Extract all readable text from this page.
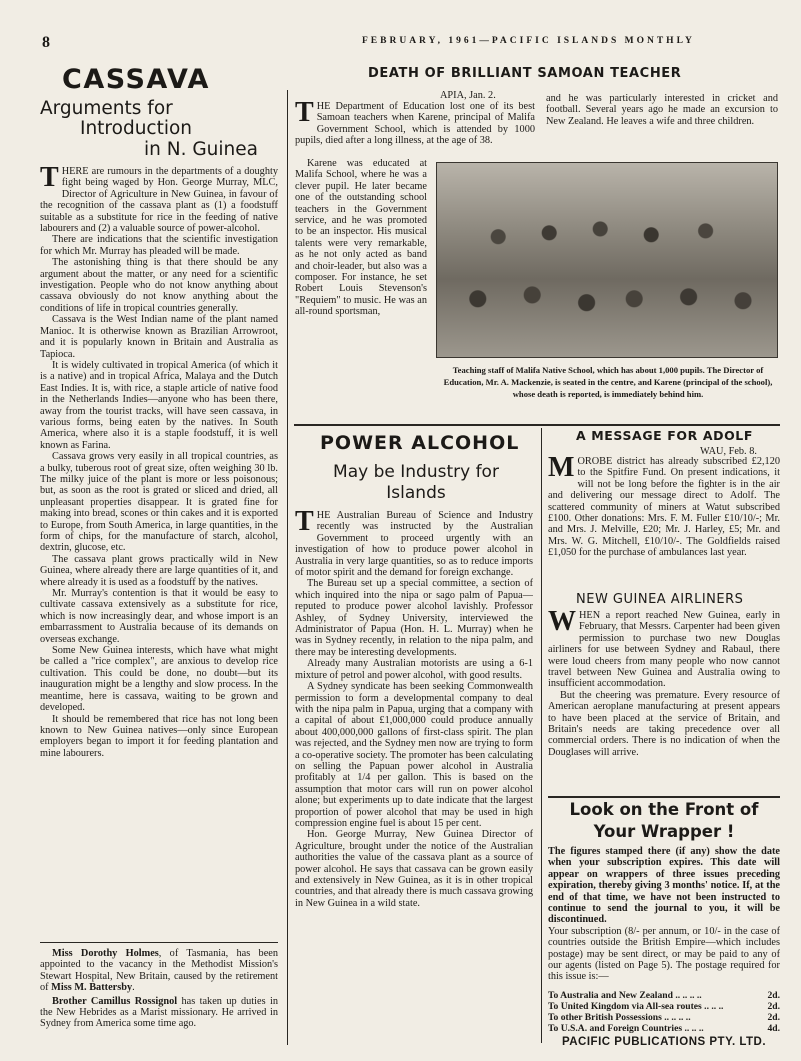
8	FEBRUARY, 1961—PACIFIC ISLANDS MONTHLY
CASSAVA
Arguments for
Introduction
in N. Guinea

THERE are rumours in the departments of a doughty fight being waged by Hon. George Murray, MLC, Director of Agriculture in New Guinea, in favour of the recognition of the cassava plant as (1) a foodstuff suitable as a substitute for rice in the feeding of native labourers and (2) a valuable source of power-alcohol.

There are indications that the scientific investigation for which Mr. Murray has pleaded will be made.

The astonishing thing is that there should be any argument about the matter, or any need for a scientific investigation. People who do not know anything about cassava obviously do not know anything about the conditions of life in tropical countries generally.

Cassava is the West Indian name of the plant named Manioc. It is otherwise known as Brazilian Arrowroot, and it is popularly known in Britain and Australia as Tapioca.

It is widely cultivated in tropical America (of which it is a native) and in tropical Africa, Malaya and the Dutch East Indies. It is, with rice, a staple article of native food in the Netherlands Indies—anyone who has been there, away from the tourist tracks, will have seen cassava, in various forms, being eaten by the natives. In South America, where also it is a staple foodstuff, it is well known as Farina.

Cassava grows very easily in all tropical countries, as a bulky, tuberous root of great size, often weighing 30 lb. The milky juice of the plant is more or less poisonous; but, as soon as the root is grated or sliced and dried, all unpleasant properties disappear. It is grated fine for making into bread, scones or thin cakes and it is exported to Europe, from South America, in large quantities, in the form of chips, for the manufacture of starch, alcohol, dextrin, glucose, etc.

The cassava plant grows practically wild in New Guinea, where already there are large quantities of it, and where already it is used as a foodstuff by the natives.

Mr. Murray's contention is that it would be easy to cultivate cassava extensively as a substitute for rice, which is now increasingly dear, and whose import is an embarrassment to Australia because of its demands on overseas exchange.

Some New Guinea interests, which have what might be called a "rice complex", are anxious to develop rice cultivation. This could be done, no doubt—but its inauguration might be a lengthy and slow process. In the meantime, here is cassava, waiting to be grown and developed.

It should be remembered that rice has not long been known to New Guinea natives—only since European employers began to import it for feeding plantation and mine labourers.

Miss Dorothy Holmes, of Tasmania, has been appointed to the vacancy in the Methodist Mission's Stewart Hospital, New Britain, caused by the retirement of Miss M. Battersby.

Brother Camillus Rossignol has taken up duties in the New Hebrides as a Marist missionary. He arrived in Sydney from America some time ago.

DEATH OF BRILLIANT SAMOAN TEACHER
APIA, Jan. 2.

THE Department of Education lost one of its best Samoan teachers when Karene, principal of Malifa Government School, which is attended by 1000 pupils, died after a long illness, at the age of 38.

Karene was educated at Malifa School, where he was a clever pupil. He later became one of the outstanding school teachers in the Government service, and he was promoted to be an inspector. His musical talents were very remarkable, as he not only acted as band and choir-leader, but also was a composer. For instance, he set Robert Louis Stevenson's "Requiem" to music. He was an all-round sportsman,

and he was particularly interested in cricket and football. Several years ago he made an excursion to New Zealand. He leaves a wife and three children.

Teaching staff of Malifa Native School, which has about 1,000 pupils. The Director of Education, Mr. A. Mackenzie, is seated in the centre, and Karene (principal of the school), whose death is reported, is immediately behind him.
POWER ALCOHOL
May be Industry for Islands

THE Australian Bureau of Science and Industry recently was instructed by the Australian Government to proceed urgently with an investigation of how to produce power alcohol in Australia in very large quantities, so as to reduce imports of motor spirit and the demand for foreign exchange.

The Bureau set up a special committee, a section of which inquired into the nipa or sago palm of Papua—reputed to produce power alcohol lavishly. Professor Ashley, of Sydney University, interviewed the Administrator of Papua (Hon. H. L. Murray) when he was in Sydney recently, in relation to the nipa palm, and there may be interesting developments.

Already many Australian motorists are using a 6-1 mixture of petrol and power alcohol, with good results.

A Sydney syndicate has been seeking Commonwealth permission to form a developmental company to deal with the nipa palm in Papua, urging that a company with a capital of about £1,000,000 could produce annually about 400,000,000 gallons of first-class spirit. The plan was rejected, and the Sydney men now are trying to form a co-operative society. The promoter has been calculating on selling the Papuan power alcohol in Australia profitably at 1/4 per gallon. This is based on the assumption that motor cars will run on power alcohol alone; but experiments up to date indicate that the largest proportion of power alcohol that may be used in high compression engine fuel is about 15 per cent.

Hon. George Murray, New Guinea Director of Agriculture, brought under the notice of the Australian authorities the value of the cassava plant as a source of power alcohol. He says that cassava can be grown easily and extensively in New Guinea, as it is in other tropical countries, and that already there is much cassava growing in New Guinea in a wild state.

A MESSAGE FOR ADOLF
WAU, Feb. 8.

MOROBE district has already subscribed £2,120 to the Spitfire Fund. On present indications, it will not be long before the fighter is in the air and delivering our message direct to Adolf. The scattered community of miners at Watut subscribed £100. Other donations: Mrs. F. M. Fuller £10/10/-; Mr. and Mrs. J. Melville, £20; Mr. J. Harley, £5; Mr. and Mrs. W. G. Mitchell, £10/10/-. The Goldfields raised £1,050 for the purchase of ambulances last year.

NEW GUINEA AIRLINERS

WHEN a report reached New Guinea, early in February, that Messrs. Carpenter had been given permission to purchase two new Douglas airliners for use between Sydney and Rabaul, there were loud cheers from many people who now cannot travel between New Guinea and Australia owing to insufficient accommodation.

But the cheering was premature. Every resource of American aeroplane manufacturing at present appears to have been placed at the service of Britain, and Britain's needs are taking precedence over all commercial orders. There is no indication of when the Douglases will arrive.

Look on the Front of
Your Wrapper !

The figures stamped there (if any) show the date when your subscription expires. This date will appear on wrappers of three issues preceding expiration, thereby giving 3 months' notice. If, at the end of that time, we have not been instructed to continue to send the journal to you, it will be discontinued.

Your subscription (8/- per annum, or 10/- in the case of countries outside the British Empire—which includes postage) may be sent direct, or may be paid to any of our agents (listed on Page 5). The postage required for this issue is:—

To Australia and New Zealand .. .. .. ..	2d.
To United Kingdom via All-sea routes .. .. ..	2d.
To other British Possessions .. .. .. ..	2d.
To U.S.A. and Foreign Countries .. .. ..	4d.
PACIFIC PUBLICATIONS PTY. LTD.
